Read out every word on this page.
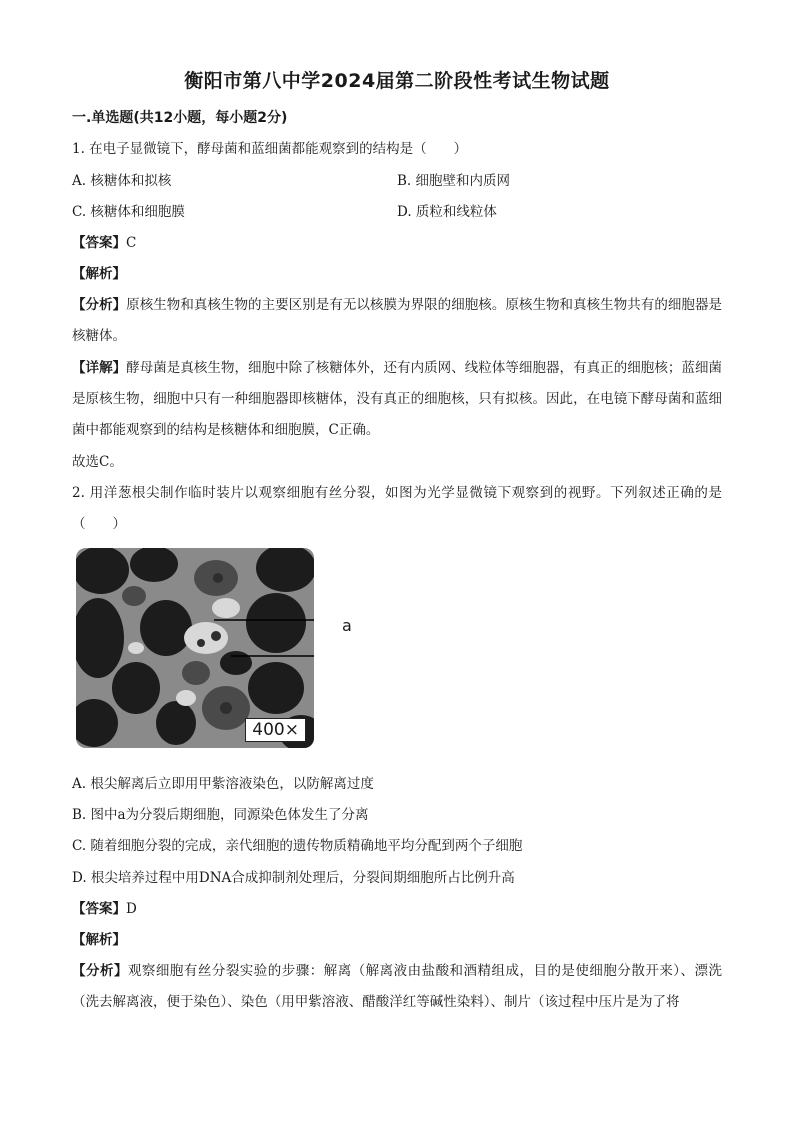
衡阳市第八中学2024届第二阶段性考试生物试题
一.单选题(共12小题，每小题2分)
1. 在电子显微镜下，酵母菌和蓝细菌都能观察到的结构是（　　）
A. 核糖体和拟核	B. 细胞壁和内质网
C. 核糖体和细胞膜	D. 质粒和线粒体
【答案】C
【解析】
【分析】原核生物和真核生物的主要区别是有无以核膜为界限的细胞核。原核生物和真核生物共有的细胞器是核糖体。
【详解】酵母菌是真核生物，细胞中除了核糖体外，还有内质网、线粒体等细胞器，有真正的细胞核；蓝细菌是原核生物，细胞中只有一种细胞器即核糖体，没有真正的细胞核，只有拟核。因此，在电镜下酵母菌和蓝细菌中都能观察到的结构是核糖体和细胞膜，C正确。
故选C。
2. 用洋葱根尖制作临时装片以观察细胞有丝分裂，如图为光学显微镜下观察到的视野。下列叙述正确的是（　　）
400×
a
A. 根尖解离后立即用甲紫溶液染色，以防解离过度
B. 图中a为分裂后期细胞，同源染色体发生了分离
C. 随着细胞分裂的完成，亲代细胞的遗传物质精确地平均分配到两个子细胞
D. 根尖培养过程中用DNA合成抑制剂处理后，分裂间期细胞所占比例升高
【答案】D
【解析】
【分析】观察细胞有丝分裂实验的步骤：解离（解离液由盐酸和酒精组成，目的是使细胞分散开来）、漂洗（洗去解离液，便于染色）、染色（用甲紫溶液、醋酸洋红等碱性染料）、制片（该过程中压片是为了将
